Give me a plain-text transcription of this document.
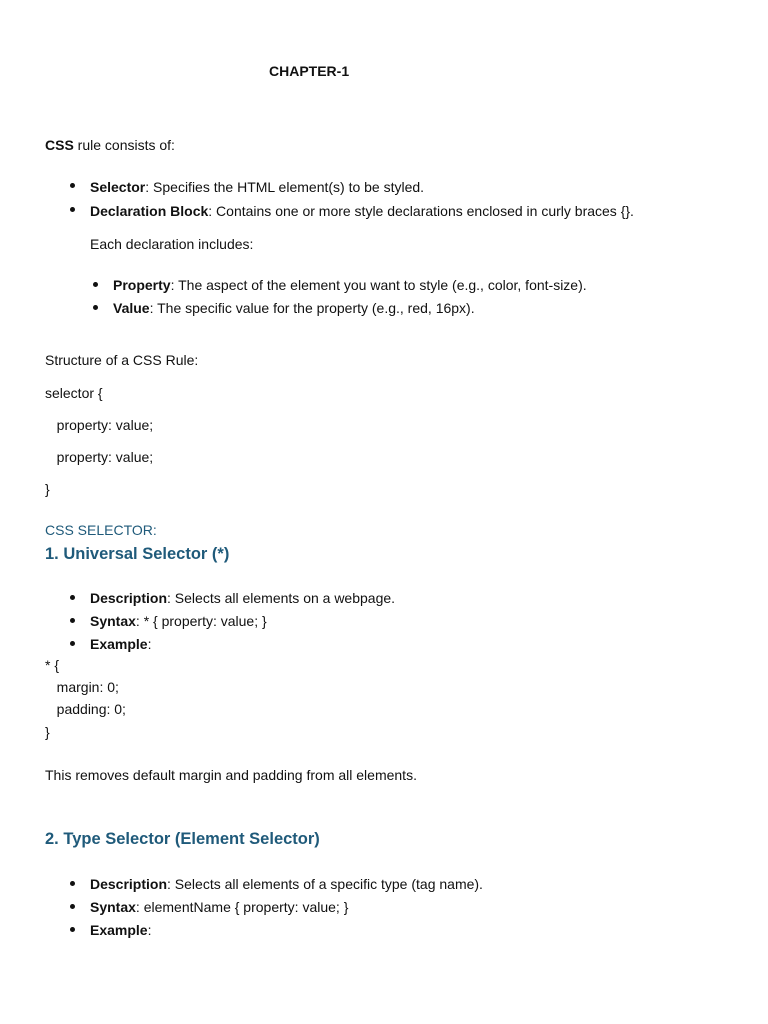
CHAPTER-1
CSS rule consists of:
Selector: Specifies the HTML element(s) to be styled.
Declaration Block: Contains one or more style declarations enclosed in curly braces {}.
Each declaration includes:
Property: The aspect of the element you want to style (e.g., color, font-size).
Value: The specific value for the property (e.g., red, 16px).
Structure of a CSS Rule:
selector {
property: value;
property: value;
}
CSS SELECTOR:
1. Universal Selector (*)
Description: Selects all elements on a webpage.
Syntax: * { property: value; }
Example:
* {
margin: 0;
padding: 0;
}
This removes default margin and padding from all elements.
2. Type Selector (Element Selector)
Description: Selects all elements of a specific type (tag name).
Syntax: elementName { property: value; }
Example:
